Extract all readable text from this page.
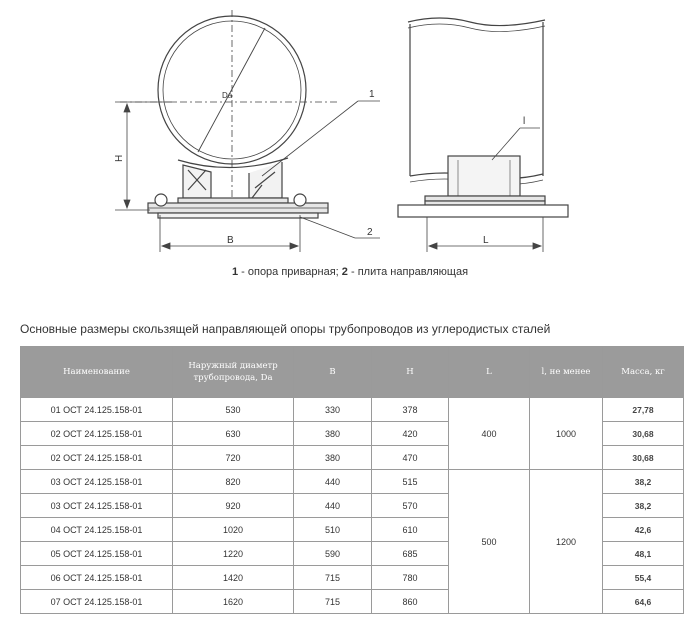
Da	1
2
H
B	L
l
1 - опора приварная; 2 - плита направляющая
Основные размеры скользящей направляющей опоры трубопроводов из углеродистых сталей
Наименование	Наружный диаметр трубопровода, Da	B	H	L	l, не менее	Масса, кг
01 ОСТ 24.125.158-01	530	330	378	400	1000	27,78
02 ОСТ 24.125.158-01	630	380	420			30,68
02 ОСТ 24.125.158-01	720	380	470			30,68
03 ОСТ 24.125.158-01	820	440	515	500	1200	38,2
03 ОСТ 24.125.158-01	920	440	570			38,2
04 ОСТ 24.125.158-01	1020	510	610			42,6
05 ОСТ 24.125.158-01	1220	590	685			48,1
06 ОСТ 24.125.158-01	1420	715	780			55,4
07 ОСТ 24.125.158-01	1620	715	860			64,6
